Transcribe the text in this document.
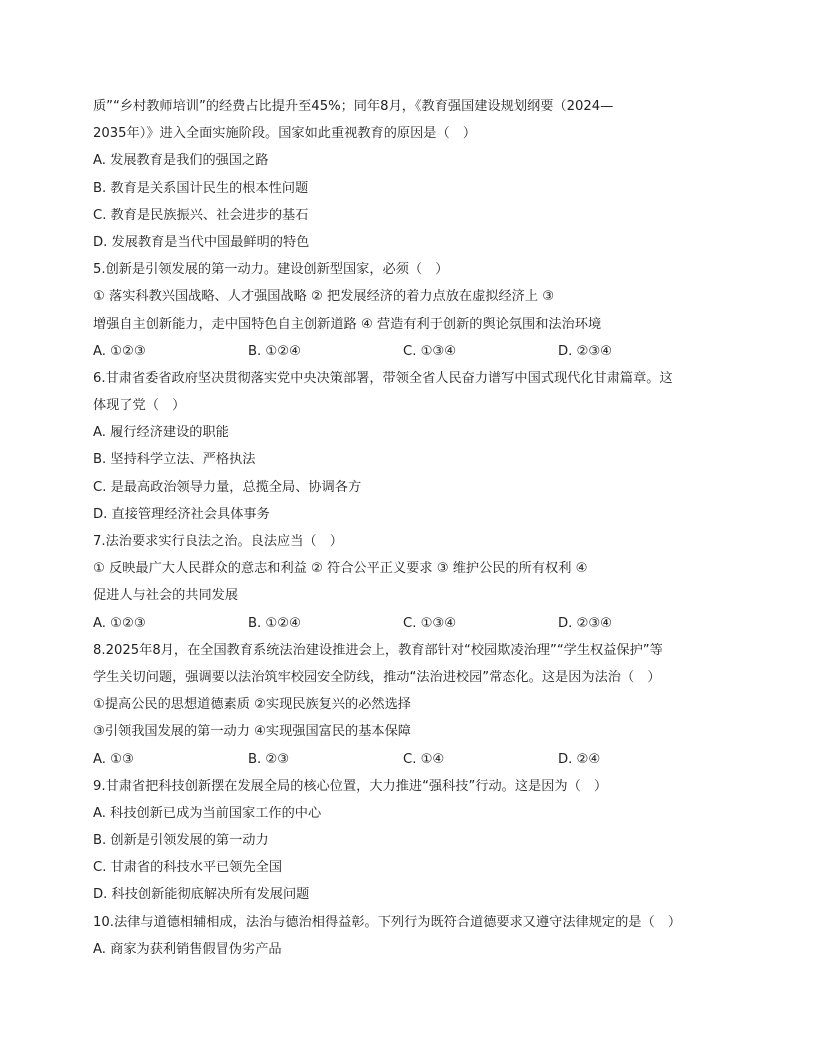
质”“乡村教师培训”的经费占比提升至45%；同年8月，《教育强国建设规划纲要（2024—
2035年）》进入全面实施阶段。国家如此重视教育的原因是（　）
A. 发展教育是我们的强国之路
B. 教育是关系国计民生的根本性问题
C. 教育是民族振兴、社会进步的基石
D. 发展教育是当代中国最鲜明的特色
5.创新是引领发展的第一动力。建设创新型国家，必须（　）
① 落实科教兴国战略、人才强国战略 ② 把发展经济的着力点放在虚拟经济上 ③
增强自主创新能力，走中国特色自主创新道路 ④ 营造有利于创新的舆论氛围和法治环境
A. ①②③	B. ①②④	C. ①③④	D. ②③④
6.甘肃省委省政府坚决贯彻落实党中央决策部署，带领全省人民奋力谱写中国式现代化甘肃篇章。这
体现了党（　）
A. 履行经济建设的职能
B. 坚持科学立法、严格执法
C. 是最高政治领导力量，总揽全局、协调各方
D. 直接管理经济社会具体事务
7.法治要求实行良法之治。良法应当（　）
① 反映最广大人民群众的意志和利益 ② 符合公平正义要求 ③ 维护公民的所有权利 ④
促进人与社会的共同发展
A. ①②③	B. ①②④	C. ①③④	D. ②③④
8.2025年8月，在全国教育系统法治建设推进会上，教育部针对“校园欺凌治理”“学生权益保护”等
学生关切问题，强调要以法治筑牢校园安全防线，推动“法治进校园”常态化。这是因为法治（　）
①提高公民的思想道德素质 ②实现民族复兴的必然选择
③引领我国发展的第一动力 ④实现强国富民的基本保障
A. ①③	B. ②③	C. ①④	D. ②④
9.甘肃省把科技创新摆在发展全局的核心位置，大力推进“强科技”行动。这是因为（　）
A. 科技创新已成为当前国家工作的中心
B. 创新是引领发展的第一动力
C. 甘肃省的科技水平已领先全国
D. 科技创新能彻底解决所有发展问题
10.法律与道德相辅相成，法治与德治相得益彰。下列行为既符合道德要求又遵守法律规定的是（　）
A. 商家为获利销售假冒伪劣产品
